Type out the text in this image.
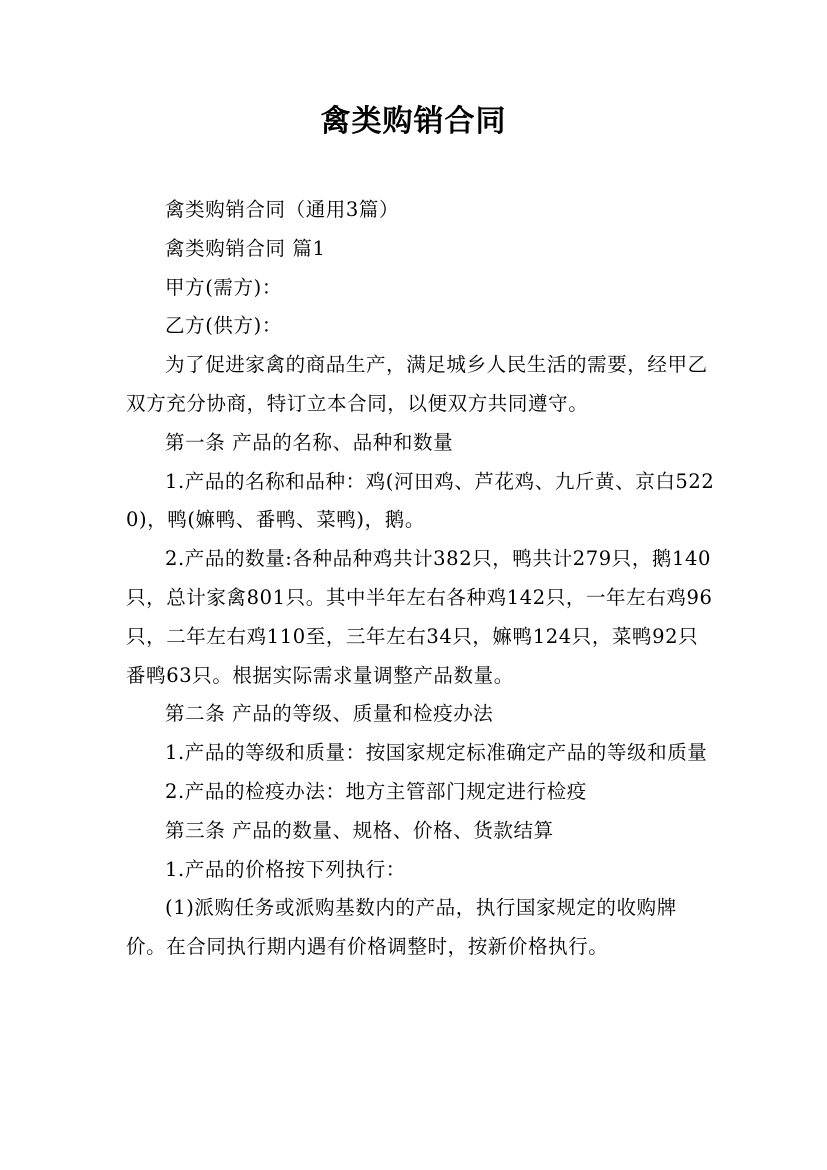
禽类购销合同

禽类购销合同（通用3篇）

禽类购销合同 篇1

甲方(需方)：

乙方(供方)：

为了促进家禽的商品生产，满足城乡人民生活的需要，经甲乙双方充分协商，特订立本合同，以便双方共同遵守。

第一条 产品的名称、品种和数量

1.产品的名称和品种：鸡(河田鸡、芦花鸡、九斤黄、京白5220)，鸭(嫲鸭、番鸭、菜鸭)，鹅。

2.产品的数量:各种品种鸡共计382只，鸭共计279只，鹅140只，总计家禽801只。其中半年左右各种鸡142只，一年左右鸡96只，二年左右鸡110至，三年左右34只，嫲鸭124只，菜鸭92只番鸭63只。根据实际需求量调整产品数量。

第二条 产品的等级、质量和检疫办法

1.产品的等级和质量：按国家规定标准确定产品的等级和质量

2.产品的检疫办法：地方主管部门规定进行检疫

第三条 产品的数量、规格、价格、货款结算

1.产品的价格按下列执行：

(1)派购任务或派购基数内的产品，执行国家规定的收购牌价。在合同执行期内遇有价格调整时，按新价格执行。
